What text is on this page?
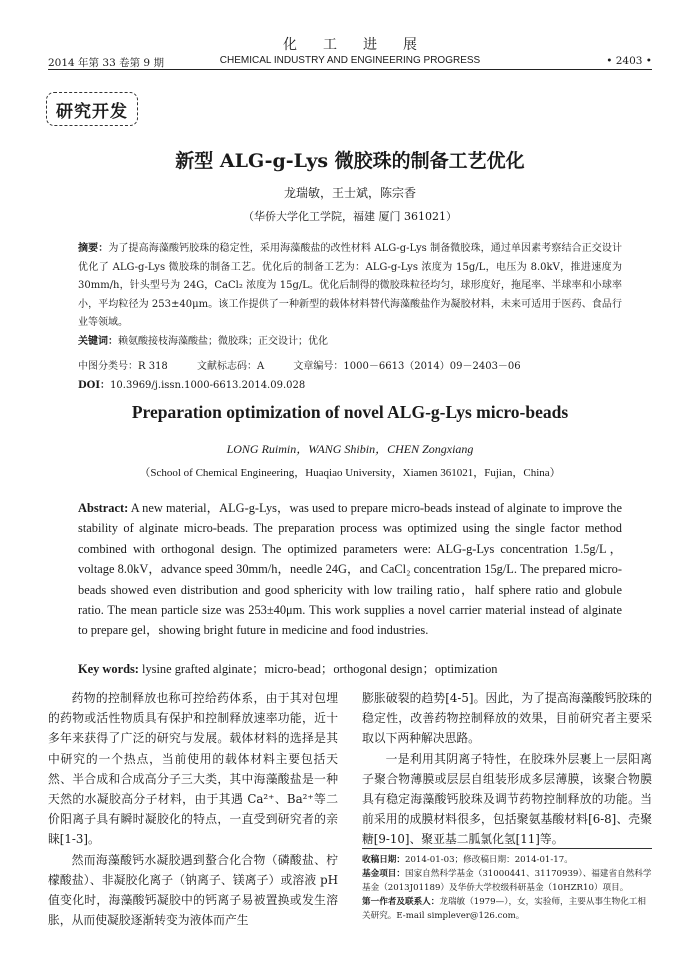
化工进展
2014 年第 33 卷第 9 期	CHEMICAL INDUSTRY AND ENGINEERING PROGRESS	• 2403 •
研究开发
新型 ALG-g-Lys 微胶珠的制备工艺优化
龙瑞敏，王士斌，陈宗香
（华侨大学化工学院，福建 厦门 361021）
摘要：为了提高海藻酸钙胶珠的稳定性，采用海藻酸盐的改性材料 ALG-g-Lys 制备微胶珠，通过单因素考察结合正交设计优化了 ALG-g-Lys 微胶珠的制备工艺。优化后的制备工艺为：ALG-g-Lys 浓度为 15g/L，电压为 8.0kV，推进速度为 30mm/h，针头型号为 24G，CaCl₂ 浓度为 15g/L。优化后制得的微胶珠粒径均匀，球形度好，拖尾率、半球率和小球率小，平均粒径为 253±40μm。该工作提供了一种新型的载体材料替代海藻酸盐作为凝胶材料，未来可适用于医药、食品行业等领域。
关键词：赖氨酸接枝海藻酸盐；微胶珠；正交设计；优化
中图分类号：R 318	文献标志码：A	文章编号：1000－6613（2014）09－2403－06
DOI：10.3969/j.issn.1000-6613.2014.09.028
Preparation optimization of novel ALG-g-Lys micro-beads
LONG Ruimin，WANG Shibin，CHEN Zongxiang
（School of Chemical Engineering，Huaqiao University，Xiamen 361021，Fujian，China）
Abstract: A new material，ALG-g-Lys，was used to prepare micro-beads instead of alginate to improve the stability of alginate micro-beads. The preparation process was optimized using the single factor method combined with orthogonal design. The optimized parameters were: ALG-g-Lys concentration 1.5g/L，voltage 8.0kV，advance speed 30mm/h，needle 24G，and CaCl₂ concentration 15g/L. The prepared micro-beads showed even distribution and good sphericity with low trailing ratio，half sphere ratio and globule ratio. The mean particle size was 253±40μm. This work supplies a novel carrier material instead of alginate to prepare gel，showing bright future in medicine and food industries.
Key words: lysine grafted alginate；micro-bead；orthogonal design；optimization

药物的控制释放也称可控给药体系，由于其对包埋的药物或活性物质具有保护和控制释放速率功能，近十多年来获得了广泛的研究与发展。载体材料的选择是其中研究的一个热点，当前使用的载体材料主要包括天然、半合成和合成高分子三大类，其中海藻酸盐是一种天然的水凝胶高分子材料，由于其遇 Ca²⁺、Ba²⁺等二价阳离子具有瞬时凝胶化的特点，一直受到研究者的亲睐[1-3]。

然而海藻酸钙水凝胶遇到螯合化合物（磷酸盐、柠檬酸盐）、非凝胶化离子（钠离子、镁离子）或溶液 pH 值变化时，海藻酸钙凝胶中的钙离子易被置换或发生溶胀，从而使凝胶逐渐转变为液体而产生

膨胀破裂的趋势[4-5]。因此，为了提高海藻酸钙胶珠的稳定性，改善药物控制释放的效果，目前研究者主要采取以下两种解决思路。

一是利用其阴离子特性，在胶珠外层裹上一层阳离子聚合物薄膜或层层自组装形成多层薄膜，该聚合物膜具有稳定海藻酸钙胶珠及调节药物控制释放的功能。当前采用的成膜材料很多，包括聚氨基酸材料[6-8]、壳聚糖[9-10]、聚亚基二胍氯化氢[11]等。

收稿日期：2014-01-03；修改稿日期：2014-01-17。
基金项目：国家自然科学基金（31000441、31170939）、福建省自然科学基金（2013J01189）及华侨大学校级科研基金（10HZR10）项目。
第一作者及联系人：龙瑞敏（1979—），女，实验师，主要从事生物化工相关研究。E-mail simplever@126.com。
